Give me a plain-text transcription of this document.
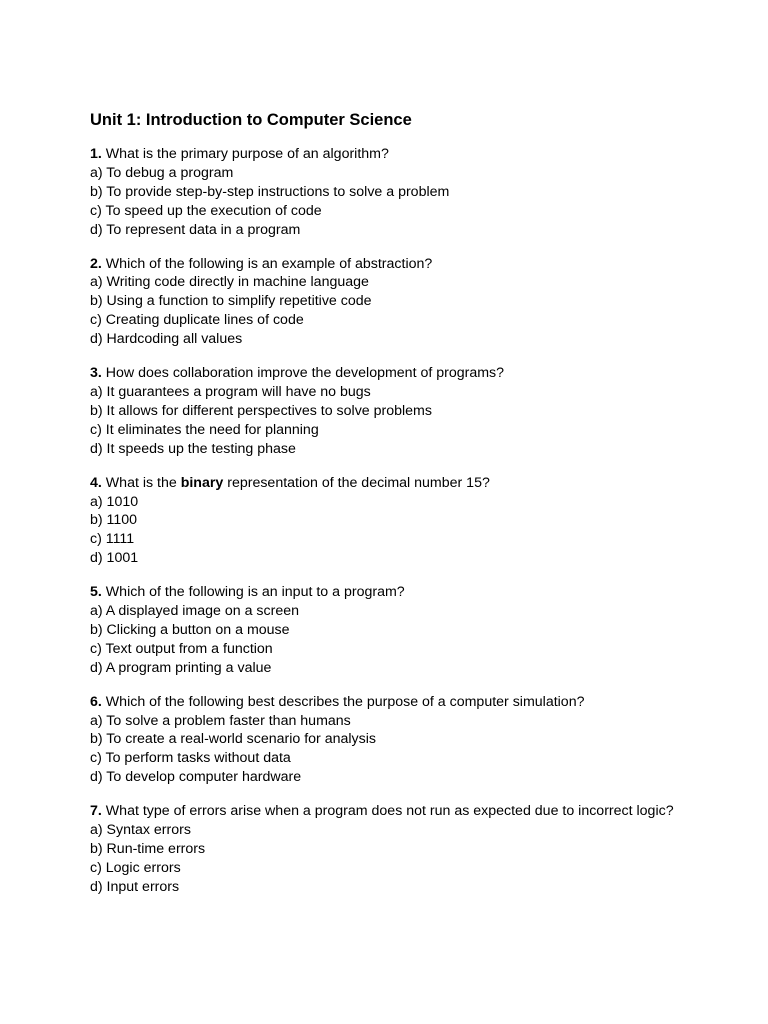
Unit 1: Introduction to Computer Science
1. What is the primary purpose of an algorithm?
a) To debug a program
b) To provide step-by-step instructions to solve a problem
c) To speed up the execution of code
d) To represent data in a program
2. Which of the following is an example of abstraction?
a) Writing code directly in machine language
b) Using a function to simplify repetitive code
c) Creating duplicate lines of code
d) Hardcoding all values
3. How does collaboration improve the development of programs?
a) It guarantees a program will have no bugs
b) It allows for different perspectives to solve problems
c) It eliminates the need for planning
d) It speeds up the testing phase
4. What is the binary representation of the decimal number 15?
a) 1010
b) 1100
c) 1111
d) 1001
5. Which of the following is an input to a program?
a) A displayed image on a screen
b) Clicking a button on a mouse
c) Text output from a function
d) A program printing a value
6. Which of the following best describes the purpose of a computer simulation?
a) To solve a problem faster than humans
b) To create a real-world scenario for analysis
c) To perform tasks without data
d) To develop computer hardware
7. What type of errors arise when a program does not run as expected due to incorrect logic?
a) Syntax errors
b) Run-time errors
c) Logic errors
d) Input errors
